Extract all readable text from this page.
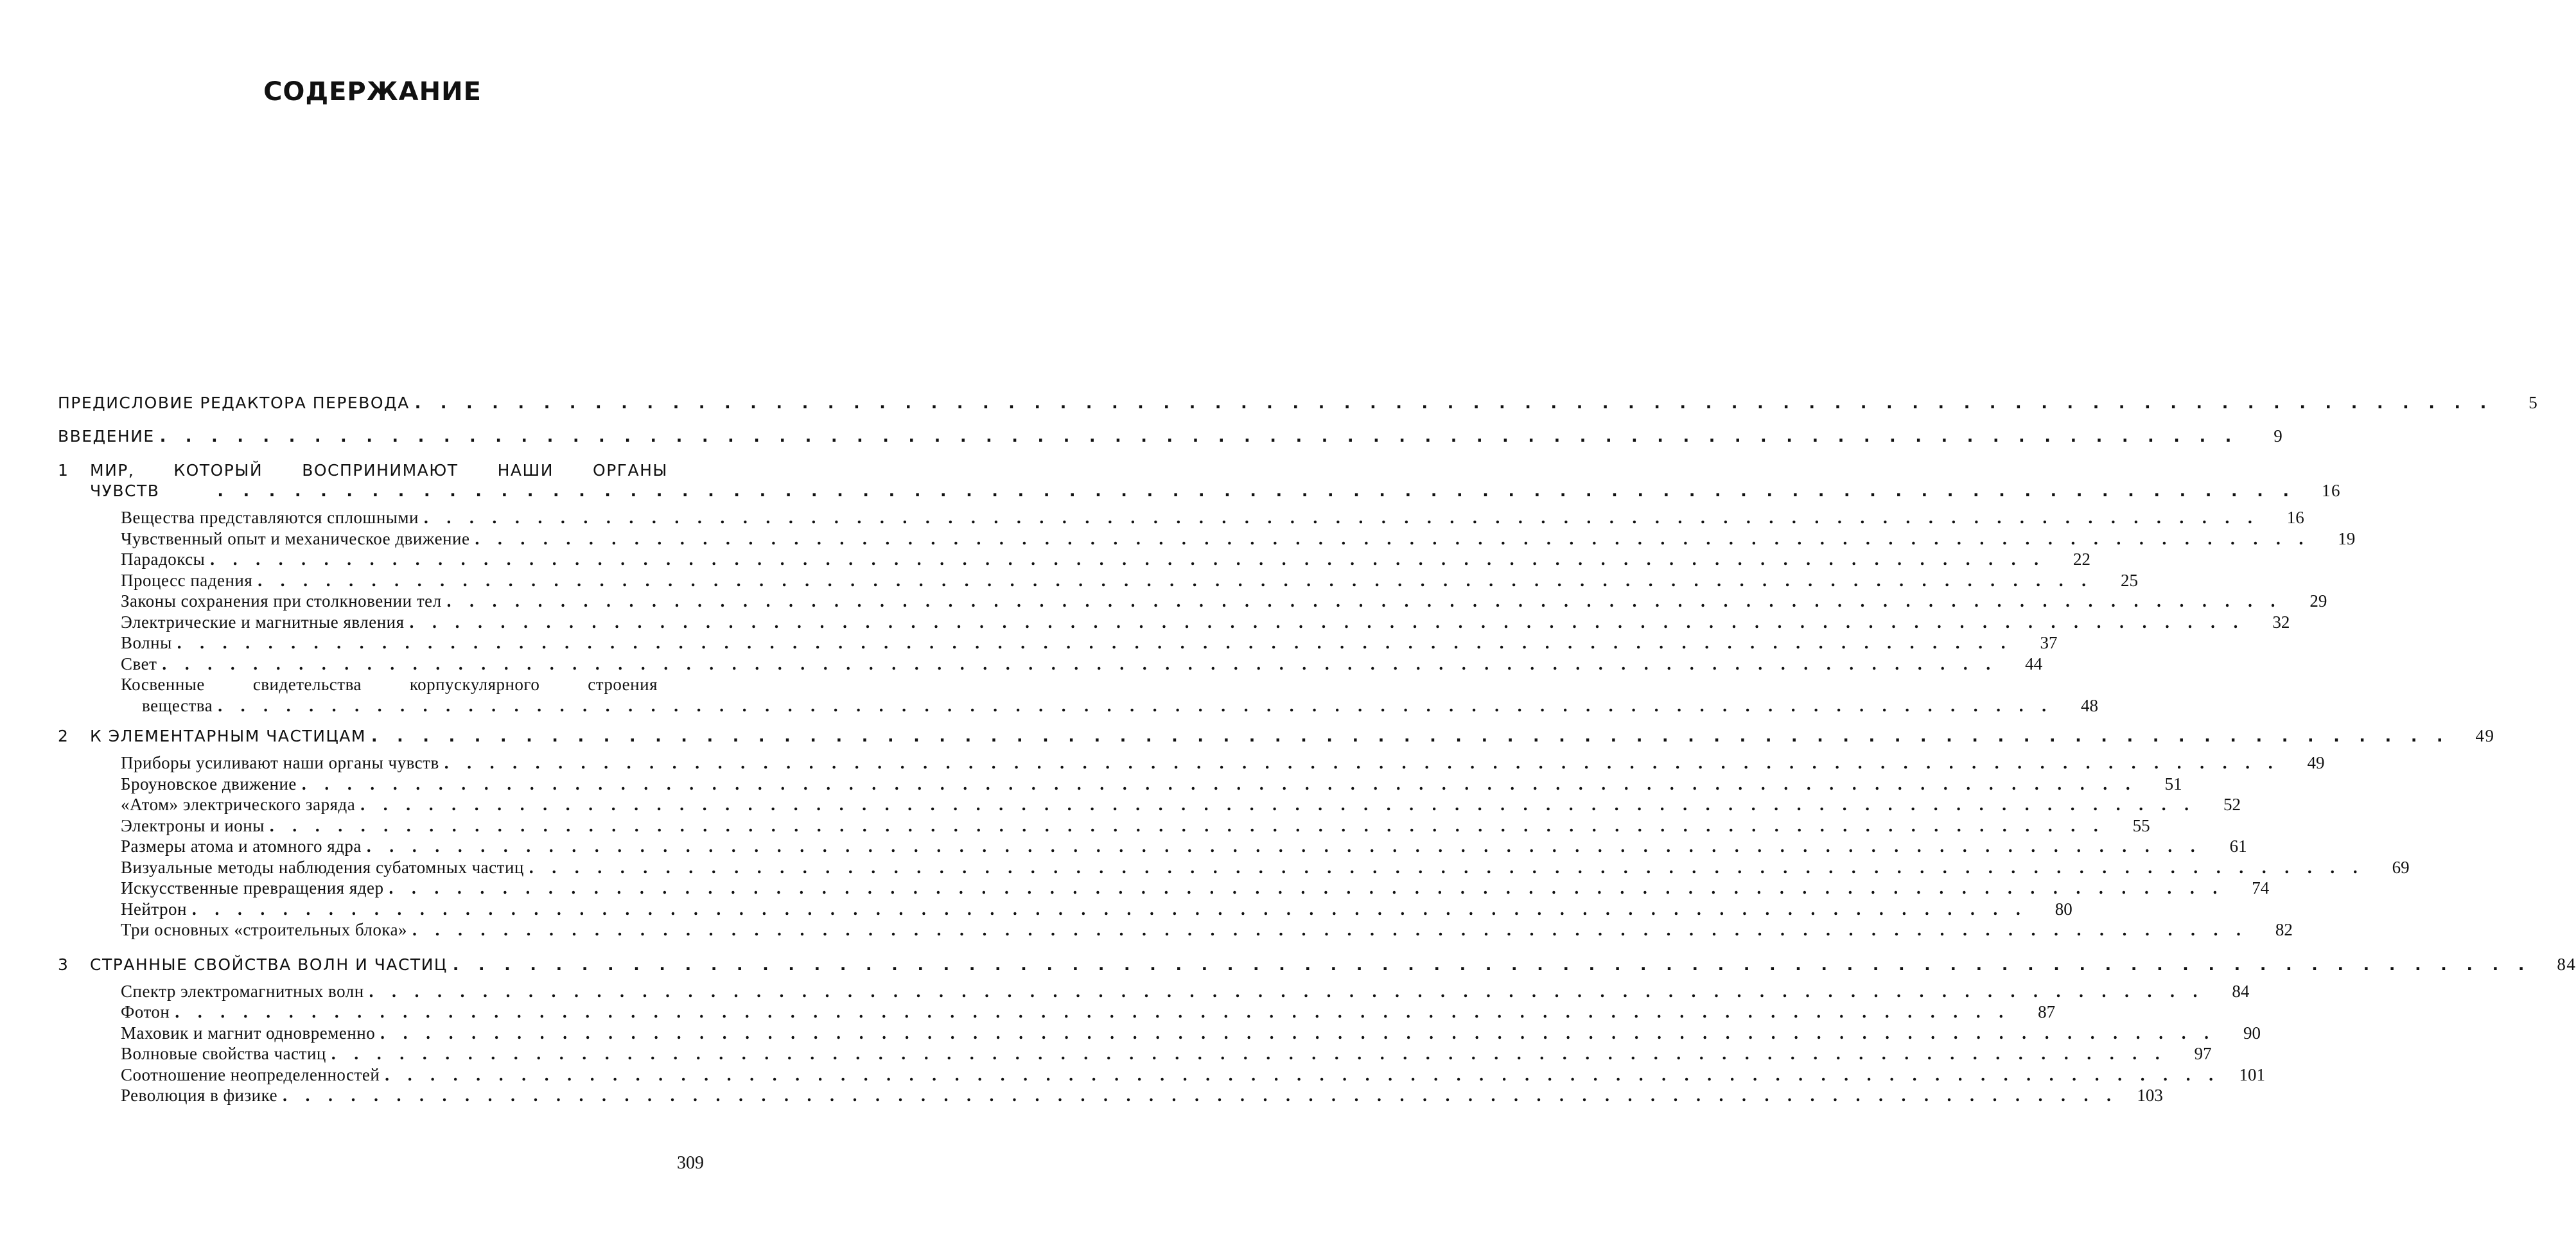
СОДЕРЖАНИЕ
ПРЕДИСЛОВИЕ РЕДАКТОРА ПЕРЕВОДА . . .	5
ВВЕДЕНИЕ . . .	9
1	МИР, КОТОРЫЙ ВОСПРИНИМАЮТ НАШИ ОРГАНЫ
ЧУВСТВ . . .	16
Вещества представляются сплошными . . .	16
Чувственный опыт и механическое движение . . .	19
Парадоксы . . .	22
Процесс падения . . .	25
Законы сохранения при столкновении тел . . .	29
Электрические и магнитные явления . . .	32
Волны . . .	37
Свет . . .	44
Косвенные свидетельства корпускулярного строения
вещества . . .	48
2	К ЭЛЕМЕНТАРНЫМ ЧАСТИЦАМ . . .	49
Приборы усиливают наши органы чувств . . .	49
Броуновское движение . . .	51
«Атом» электрического заряда . . .	52
Электроны и ионы . . .	55
Размеры атома и атомного ядра . . .	61
Визуальные методы наблюдения субатомных частиц . . .	69
Искусственные превращения ядер . . .	74
Нейтрон . . .	80
Три основных «строительных блока» . . .	82
3	СТРАННЫЕ СВОЙСТВА ВОЛН И ЧАСТИЦ . . .	84
Спектр электромагнитных волн . . .	84
Фотон . . .	87
Маховик и магнит одновременно . . .	90
Волновые свойства частиц . . .	97
Соотношение неопределенностей . . .	101
Революция в физике . . .	103
309
